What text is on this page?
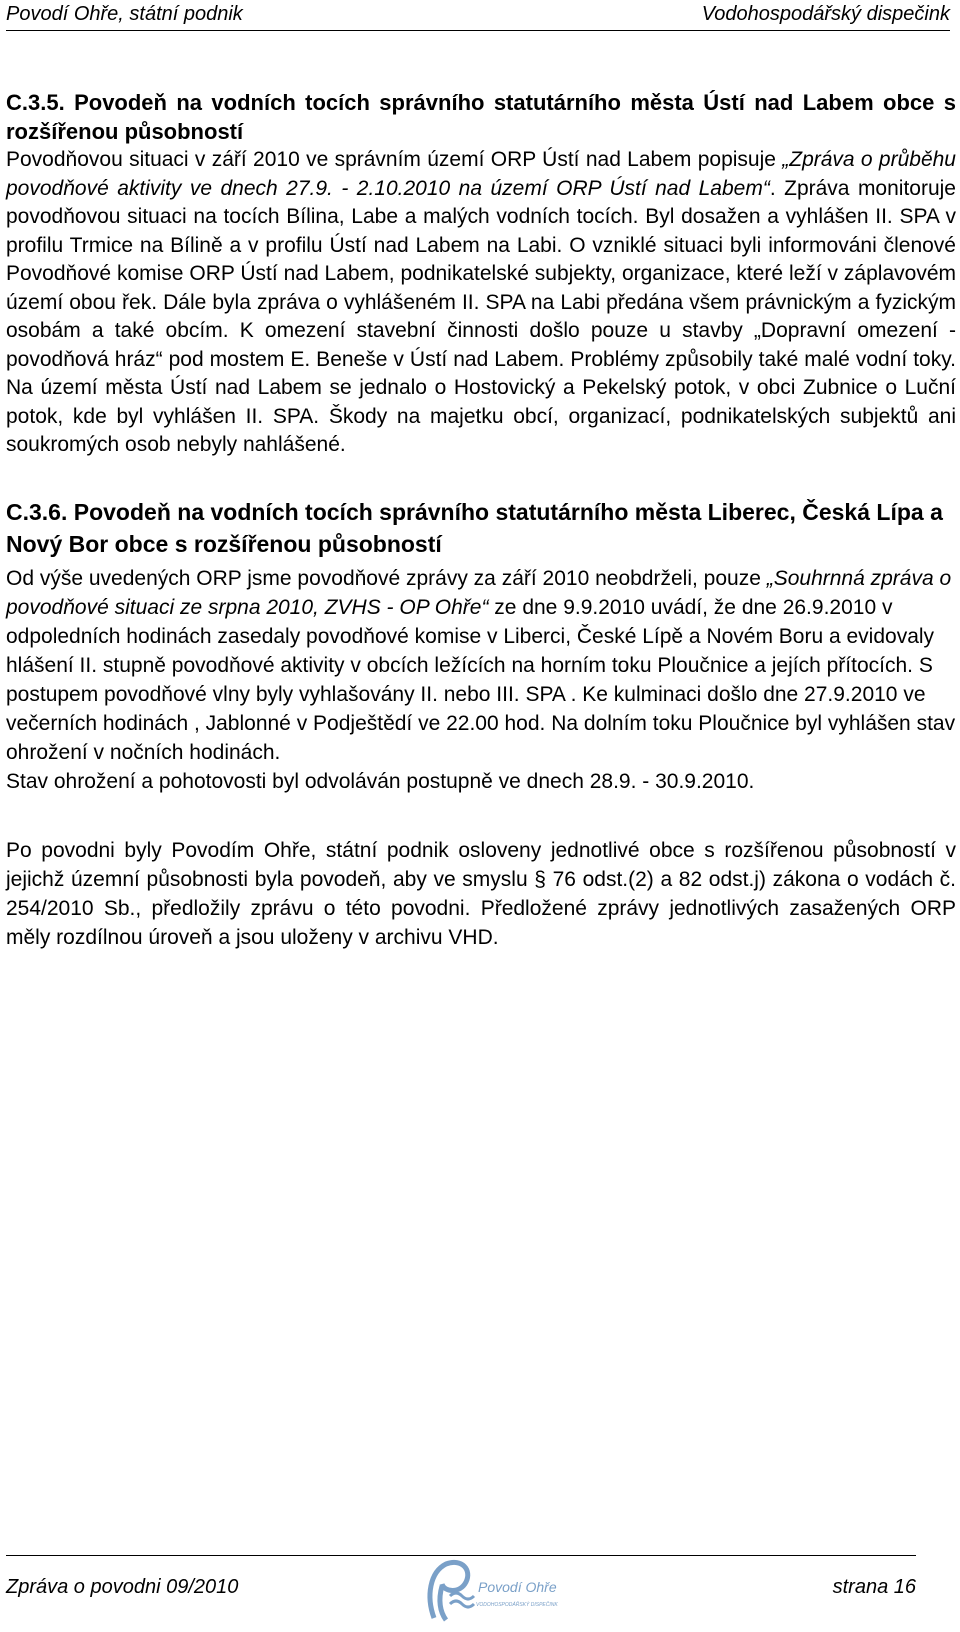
Povodí Ohře, státní podnik	Vodohospodářský dispečink
C.3.5. Povodeň na vodních tocích správního statutárního města Ústí nad Labem obce s rozšířenou působností

Povodňovou situaci v září 2010 ve správním území ORP Ústí nad Labem popisuje „Zpráva o průběhu povodňové aktivity ve dnech 27.9. - 2.10.2010 na území ORP Ústí nad Labem“. Zpráva monitoruje povodňovou situaci na tocích Bílina, Labe a malých vodních tocích. Byl dosažen a vyhlášen II. SPA v profilu Trmice na Bílině a v profilu Ústí nad Labem na Labi. O vzniklé situaci byli informováni členové Povodňové komise ORP Ústí nad Labem, podnikatelské subjekty, organizace, které leží v záplavovém území obou řek. Dále byla zpráva o vyhlášeném II. SPA na Labi předána všem právnickým a fyzickým osobám a také obcím. K omezení stavební činnosti došlo pouze u stavby „Dopravní omezení - povodňová hráz“ pod mostem E. Beneše v Ústí nad Labem. Problémy způsobily také malé vodní toky. Na území města Ústí nad Labem se jednalo o Hostovický a Pekelský potok, v obci Zubnice o Luční potok, kde byl vyhlášen II. SPA. Škody na majetku obcí, organizací, podnikatelských subjektů ani soukromých osob nebyly nahlášené.

C.3.6. Povodeň na vodních tocích správního statutárního města Liberec, Česká Lípa a Nový Bor obce s rozšířenou působností

Od výše uvedených ORP jsme povodňové zprávy za září 2010 neobdrželi, pouze „Souhrnná zpráva o povodňové situaci ze srpna 2010, ZVHS - OP Ohře“ ze dne 9.9.2010 uvádí, že dne 26.9.2010 v odpoledních hodinách zasedaly povodňové komise v Liberci, České Lípě a Novém Boru a evidovaly hlášení II. stupně povodňové aktivity v obcích ležících na horním toku Ploučnice a jejích přítocích. S postupem povodňové vlny byly vyhlašovány II. nebo III. SPA . Ke kulminaci došlo dne 27.9.2010 ve večerních hodinách , Jablonné v Podještědí ve 22.00 hod. Na dolním toku Ploučnice byl vyhlášen stav ohrožení v nočních hodinách.

Stav ohrožení a pohotovosti byl odvoláván postupně ve dnech 28.9. - 30.9.2010.

Po povodni byly Povodím Ohře, státní podnik osloveny jednotlivé obce s rozšířenou působností v jejichž územní působnosti byla povodeň, aby ve smyslu § 76 odst.(2) a 82 odst.j) zákona o vodách č. 254/2010 Sb., předložily zprávu o této povodni. Předložené zprávy jednotlivých zasažených ORP měly rozdílnou úroveň a jsou uloženy v archivu VHD.

Zpráva o povodni 09/2010	Povodí Ohře
VODOHOSPODÁŘSKÝ DISPEČINK
strana 16
